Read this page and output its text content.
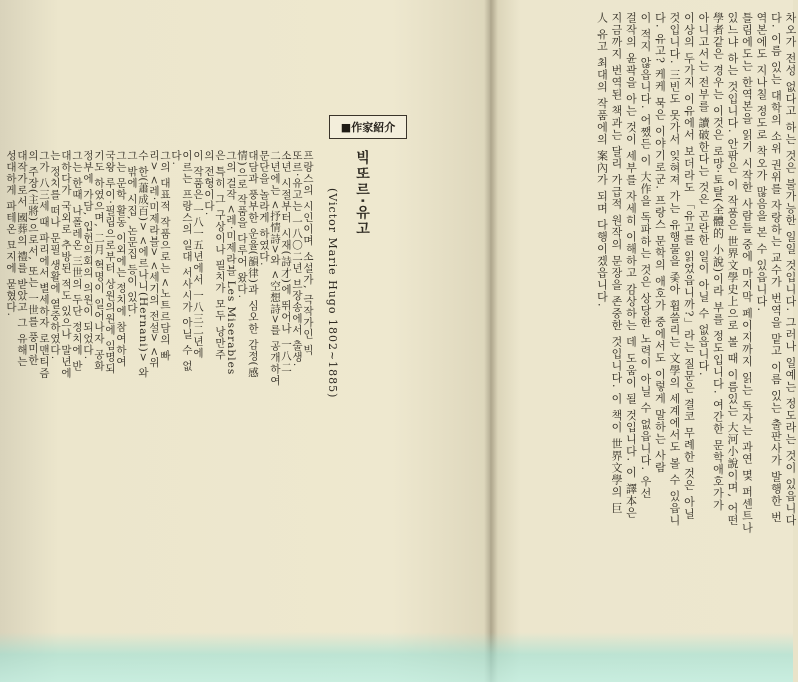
■作家紹介
빅또르·유고
(Victor Marie Hugo 1802~1885)
프랑스의 시인이며 소설가, 극작가인 빅
또르·유고는 一八〇二년 브장송에서 출생.
소년 시절부터 시재(詩才)에 뛰어나 一八二
二년에는 <抒情詩>와 <空想詩>를 공개하여
문단을 놀라게 하였다.
대담과 풍부한 운율(韻律)과 심오한 감정(感
情)으로 작품을 다루어 왔다.
그의 걸작 <레·미제라블 Les Miserables
은 특히 그 구상이나 필치가 모두 낭만주
의 전형이다.
이 작품은 一八一五년에서 一八三二년에
이르는 프랑스의 일대 서사시가 아닐 수 없
다.
그의 대표적 작품으로는 <노트르담의 빠
리> <레·미제라블> <세기의 전설> <위
수 한(蕭成百)> <에르나니(Hernani)> 와
그 밖에 시집, 논문집 등이 있다.
그는 문학 활동 이외에는 정치에 참여하여
국왕 루이·필립으로부터 상원의원에 임명되
기도 하였으며, 二月 혁명이 일어나자 공화
정부에 가담, 입헌의회의 의원이 되었다.
그는 한때 나폴레온 三世의 두단 정치에 반
대하다가 국외로 추방된 적도 있으나 말년에
는 정치를 떠나 문필 생활에 열중하였다.
그가 八三세 때 파리에서 별세하자 로맨티즘
의 주장(主將)으로서, 또는 一世를 풍미한
대작가로서 國葬의 禮를 받았고 그 유해는
성대하게 파테온 묘지에 묻혔다.	차오가 전성 없다고 하는 것은 불가능한 일일 것입니다. 그러나 일예는 정도라는 것이 있읍니다
다. 이름 있는 대학의 소위 권위를 자랑하는 교수가 번역을 맡고 이름 있는 출판사가 발행한 번
역본에도 지나칠 정도로 착오가 많음을 본 수 있읍니다.
틀림에도는 한역본을 읽기 시작한 사람들 중에 마지막 페이지까지 읽는 독자는 과연 몇 퍼센트나
있느냐 하는 것입니다. 안팎은 이 작품은 世界文學史上으로 볼 때 이름있는 大河小說이며, 어떤
學者같은 경우는 이것은 로망·토탈(全體的 小說)이라 부를 정도입니다. 여간한 문학애호가가
아니고서는 전부를 讀破한다는 것은 곤란한 일이 아닐 수 없읍니다.
이상의 두가지 이유에서 보더라도 「유고를 읽었읍니까?」라는 질문은 결코 무례한 것은 아닐
것입니다. 三빈도 못가서 잊혀져 가는 유행물을 좇아 휩쓸리는 文學의 세계에서도 볼 수 있읍니
다. 유고? 케케 묵은 이야기로군. 프랑스 문학의 애호가 중에서도 이렇게 말하는 사람
이 적지 않읍니다. 어쨌든 이 大作을 독파하는 것은 상당한 노력이 아닐 수 없읍니다. 우선
걸작의 윤곽을 아는 것이 세부를 자세히 이해하고 감상하는 데 도움이 될 것입니다. 이 譯本은
지금까지 번역된 책과는 달리 가급적 원작의 문장을 존중한 것입니다. 이 책이 世界文學의 巨
人 유고 최대의 작품에의 案內가 되며 다행이겠읍니다.
